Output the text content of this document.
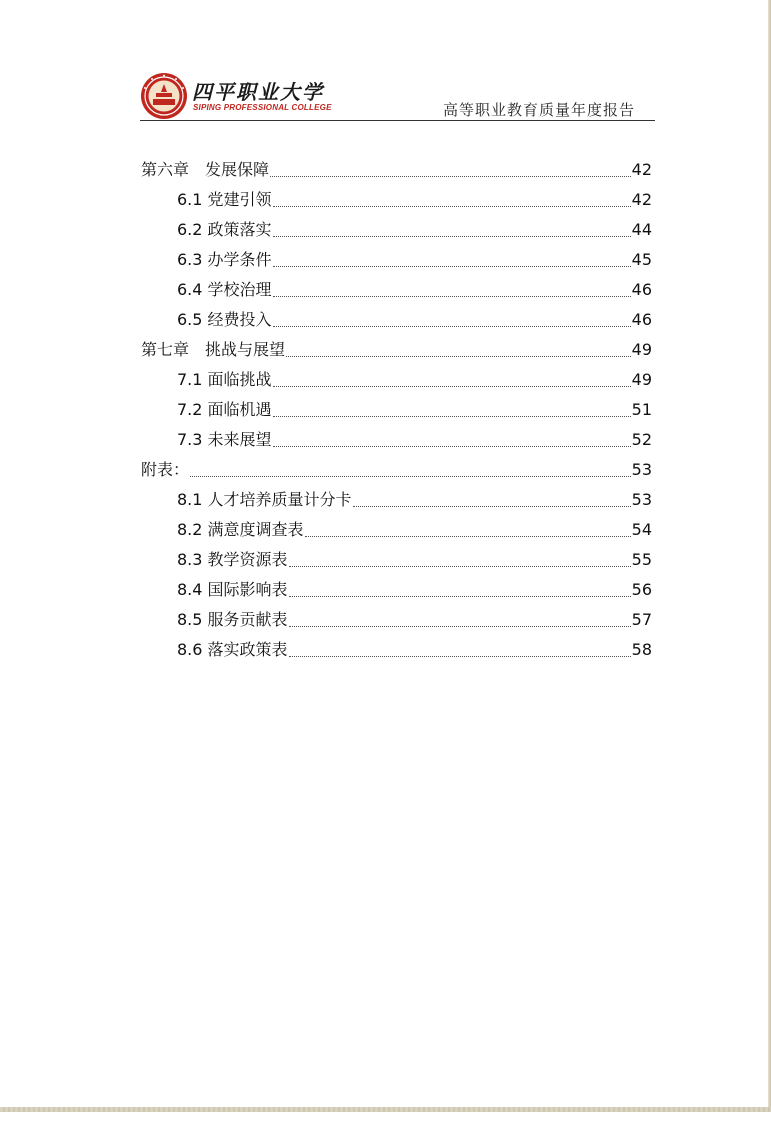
四平职业大学
SIPING PROFESSIONAL COLLEGE	高等职业教育质量年度报告
第六章　发展保障	42
6.1 党建引领	42
6.2 政策落实	44
6.3 办学条件	45
6.4 学校治理	46
6.5 经费投入	46
第七章　挑战与展望	49
7.1 面临挑战	49
7.2 面临机遇	51
7.3 未来展望	52
附表：	53
8.1 人才培养质量计分卡	53
8.2 满意度调查表	54
8.3 教学资源表	55
8.4 国际影响表	56
8.5 服务贡献表	57
8.6 落实政策表	58
